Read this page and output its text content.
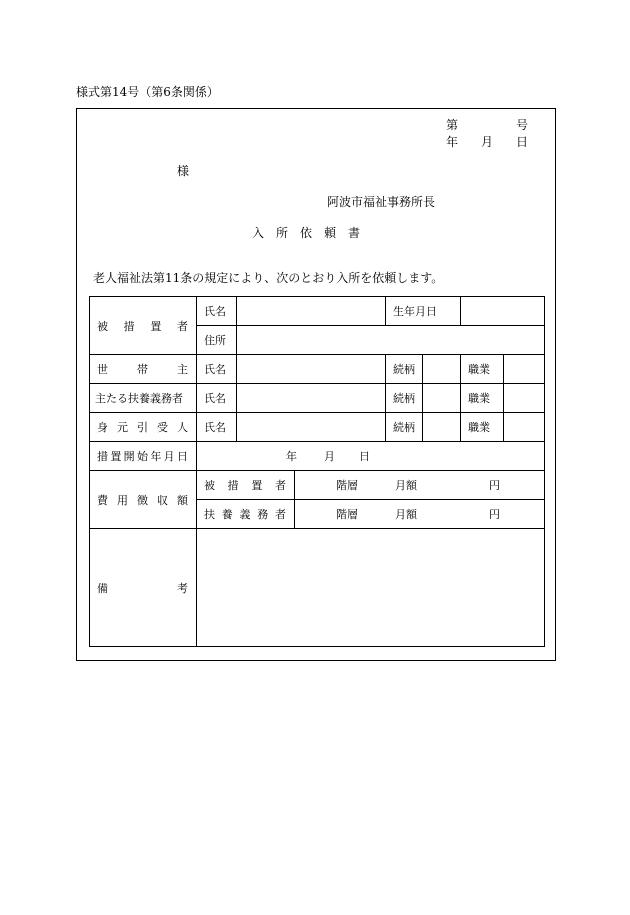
様式第14号（第6条関係）
第	号
年 月 日
様
阿波市福祉事務所長
入　所　依　頼　書
老人福祉法第11条の規定により、次のとおり入所を依頼します。
被措置者	氏名			生年月日			
	住所						
世帯主	氏名			続柄		職業	
主たる扶養義務者	氏名			続柄		職業	
身元引受人	氏名			続柄		職業	
措置開始年月日	年 月 日						

費用徴収額	被措置者		階層 月額 円				

	扶養義務者		階層 月額 円				

備考							
